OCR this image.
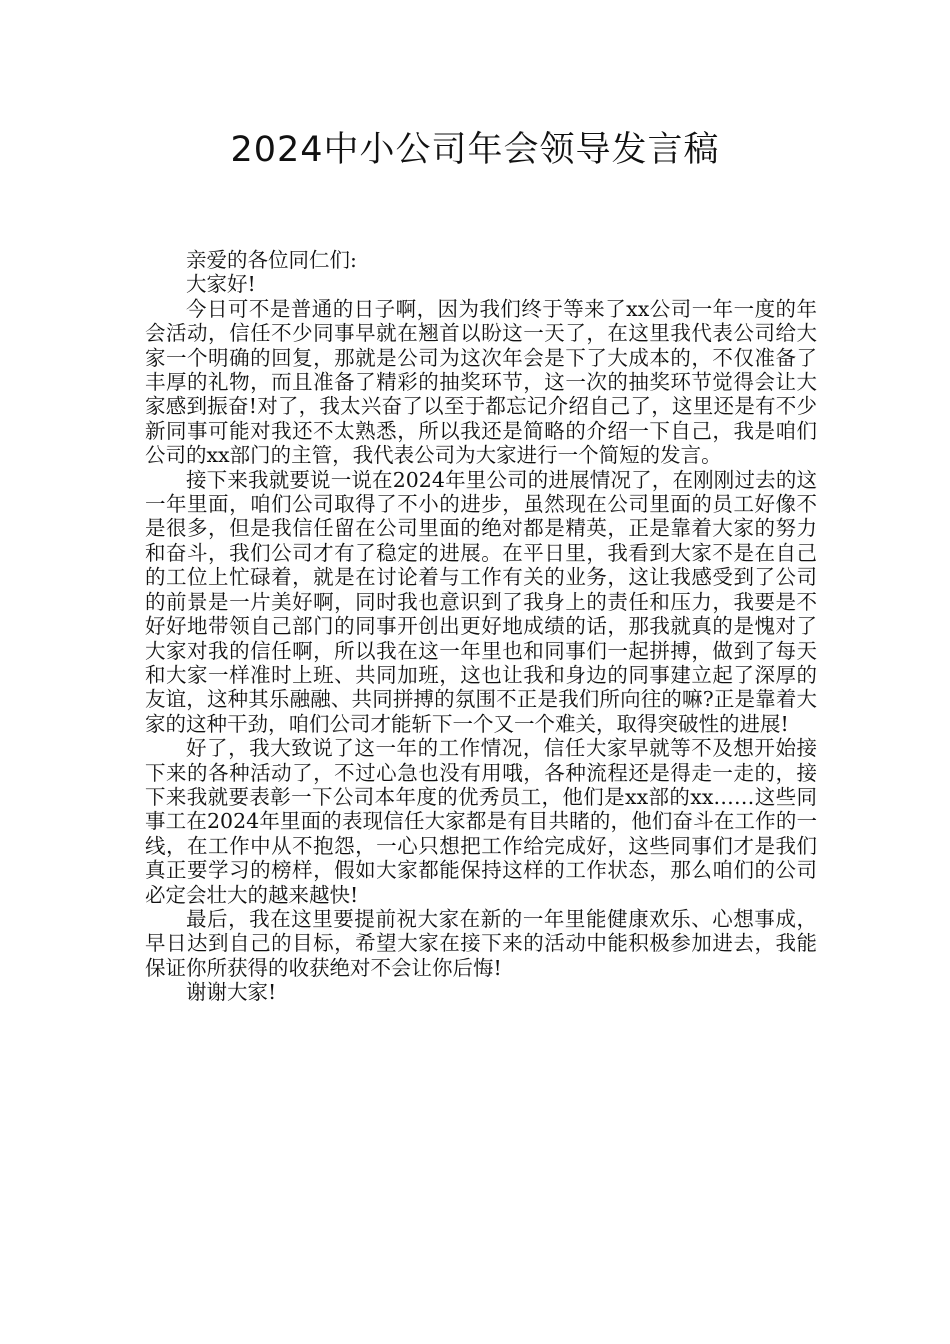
2024中小公司年会领导发言稿

亲爱的各位同仁们:

大家好!

今日可不是普通的日子啊，因为我们终于等来了xx公司一年一度的年会活动，信任不少同事早就在翘首以盼这一天了，在这里我代表公司给大家一个明确的回复，那就是公司为这次年会是下了大成本的，不仅准备了丰厚的礼物，而且准备了精彩的抽奖环节，这一次的抽奖环节觉得会让大家感到振奋!对了，我太兴奋了以至于都忘记介绍自己了，这里还是有不少新同事可能对我还不太熟悉，所以我还是简略的介绍一下自己，我是咱们公司的xx部门的主管，我代表公司为大家进行一个简短的发言。

接下来我就要说一说在2024年里公司的进展情况了，在刚刚过去的这一年里面，咱们公司取得了不小的进步，虽然现在公司里面的员工好像不是很多，但是我信任留在公司里面的绝对都是精英，正是靠着大家的努力和奋斗，我们公司才有了稳定的进展。在平日里，我看到大家不是在自己的工位上忙碌着，就是在讨论着与工作有关的业务，这让我感受到了公司的前景是一片美好啊，同时我也意识到了我身上的责任和压力，我要是不好好地带领自己部门的同事开创出更好地成绩的话，那我就真的是愧对了大家对我的信任啊，所以我在这一年里也和同事们一起拼搏，做到了每天和大家一样准时上班、共同加班，这也让我和身边的同事建立起了深厚的友谊，这种其乐融融、共同拼搏的氛围不正是我们所向往的嘛?正是靠着大家的这种干劲，咱们公司才能斩下一个又一个难关，取得突破性的进展!

好了，我大致说了这一年的工作情况，信任大家早就等不及想开始接下来的各种活动了，不过心急也没有用哦，各种流程还是得走一走的，接下来我就要表彰一下公司本年度的优秀员工，他们是xx部的xx……这些同事工在2024年里面的表现信任大家都是有目共睹的，他们奋斗在工作的一线，在工作中从不抱怨，一心只想把工作给完成好，这些同事们才是我们真正要学习的榜样，假如大家都能保持这样的工作状态，那么咱们的公司必定会壮大的越来越快!

最后，我在这里要提前祝大家在新的一年里能健康欢乐、心想事成，早日达到自己的目标，希望大家在接下来的活动中能积极参加进去，我能保证你所获得的收获绝对不会让你后悔!

谢谢大家!
